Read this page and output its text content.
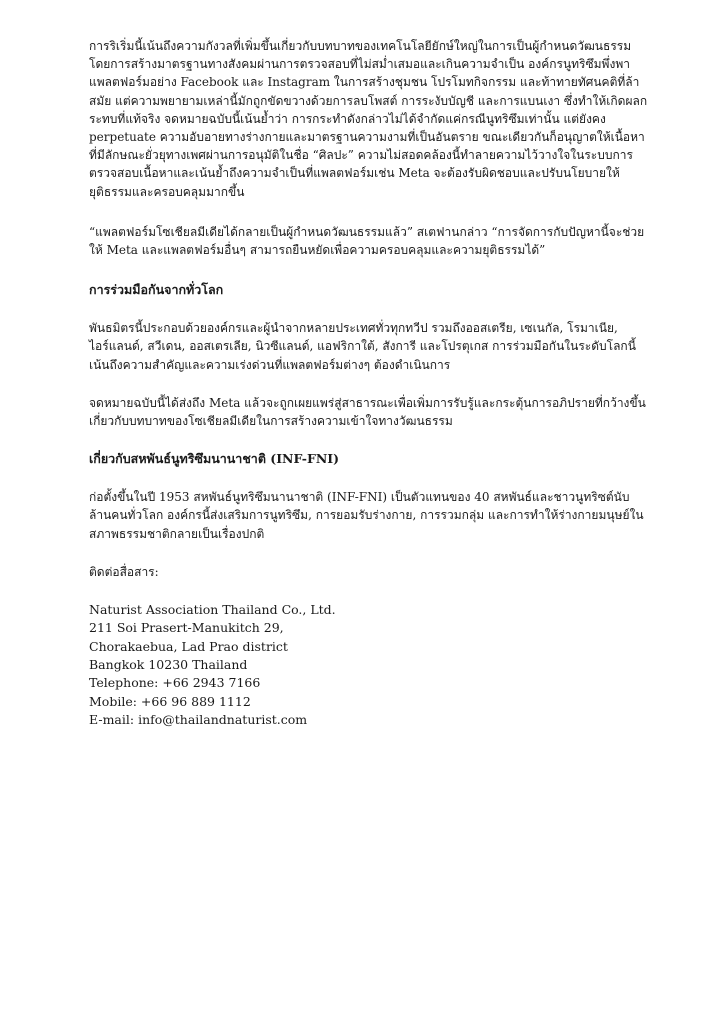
การริเริ่มนี้เน้นถึงความกังวลที่เพิ่มขึ้นเกี่ยวกับบทบาทของเทคโนโลยียักษ์ใหญ่ในการเป็นผู้กำหนดวัฒนธรรม โดยการสร้างมาตรฐานทางสังคมผ่านการตรวจสอบที่ไม่สม่ำเสมอและเกินความจำเป็น องค์กรนูทริซึมพึ่งพาแพลตฟอร์มอย่าง Facebook และ Instagram ในการสร้างชุมชน โปรโมทกิจกรรม และท้าทายทัศนคติที่ล้าสมัย แต่ความพยายามเหล่านี้มักถูกขัดขวางด้วยการลบโพสต์ การระงับบัญชี และการแบนเงา ซึ่งทำให้เกิดผลกระทบที่แท้จริง จดหมายฉบับนี้เน้นย้ำว่า การกระทำดังกล่าวไม่ได้จำกัดแค่กรณีนูทริซึมเท่านั้น แต่ยังคง perpetuate ความอับอายทางร่างกายและมาตรฐานความงามที่เป็นอันตราย ขณะเดียวกันก็อนุญาตให้เนื้อหาที่มีลักษณะยั่วยุทางเพศผ่านการอนุมัติในชื่อ “ศิลปะ” ความไม่สอดคล้องนี้ทำลายความไว้วางใจในระบบการตรวจสอบเนื้อหาและเน้นย้ำถึงความจำเป็นที่แพลตฟอร์มเช่น Meta จะต้องรับผิดชอบและปรับนโยบายให้ยุติธรรมและครอบคลุมมากขึ้น

“แพลตฟอร์มโซเชียลมีเดียได้กลายเป็นผู้กำหนดวัฒนธรรมแล้ว” สเตฟานกล่าว “การจัดการกับปัญหานี้จะช่วยให้ Meta และแพลตฟอร์มอื่นๆ สามารถยืนหยัดเพื่อความครอบคลุมและความยุติธรรมได้”

การร่วมมือกันจากทั่วโลก

พันธมิตรนี้ประกอบด้วยองค์กรและผู้นำจากหลายประเทศทั่วทุกทวีป รวมถึงออสเตรีย, เซเนกัล, โรมาเนีย, ไอร์แลนด์, สวีเดน, ออสเตรเลีย, นิวซีแลนด์, แอฟริกาใต้, สังการี และโปรตุเกส การร่วมมือกันในระดับโลกนี้เน้นถึงความสำคัญและความเร่งด่วนที่แพลตฟอร์มต่างๆ ต้องดำเนินการ

จดหมายฉบับนี้ได้ส่งถึง Meta แล้วจะถูกเผยแพร่สู่สาธารณะเพื่อเพิ่มการรับรู้และกระตุ้นการอภิปรายที่กว้างขึ้นเกี่ยวกับบทบาทของโซเชียลมีเดียในการสร้างความเข้าใจทางวัฒนธรรม

เกี่ยวกับสหพันธ์นูทริซึมนานาชาติ (INF-FNI)

ก่อตั้งขึ้นในปี 1953 สหพันธ์นูทริซึมนานาชาติ (INF-FNI) เป็นตัวแทนของ 40 สหพันธ์และชาวนูทริซต์นับล้านคนทั่วโลก องค์กรนี้ส่งเสริมการนูทริซึม, การยอมรับร่างกาย, การรวมกลุ่ม และการทำให้ร่างกายมนุษย์ในสภาพธรรมชาติกลายเป็นเรื่องปกติ

ติดต่อสื่อสาร:

Naturist Association Thailand Co., Ltd.

211 Soi Prasert-Manukitch 29,

Chorakaebua, Lad Prao district

Bangkok 10230 Thailand

Telephone: +66 2943 7166

Mobile: +66 96 889 1112

E-mail: info@thailandnaturist.com
